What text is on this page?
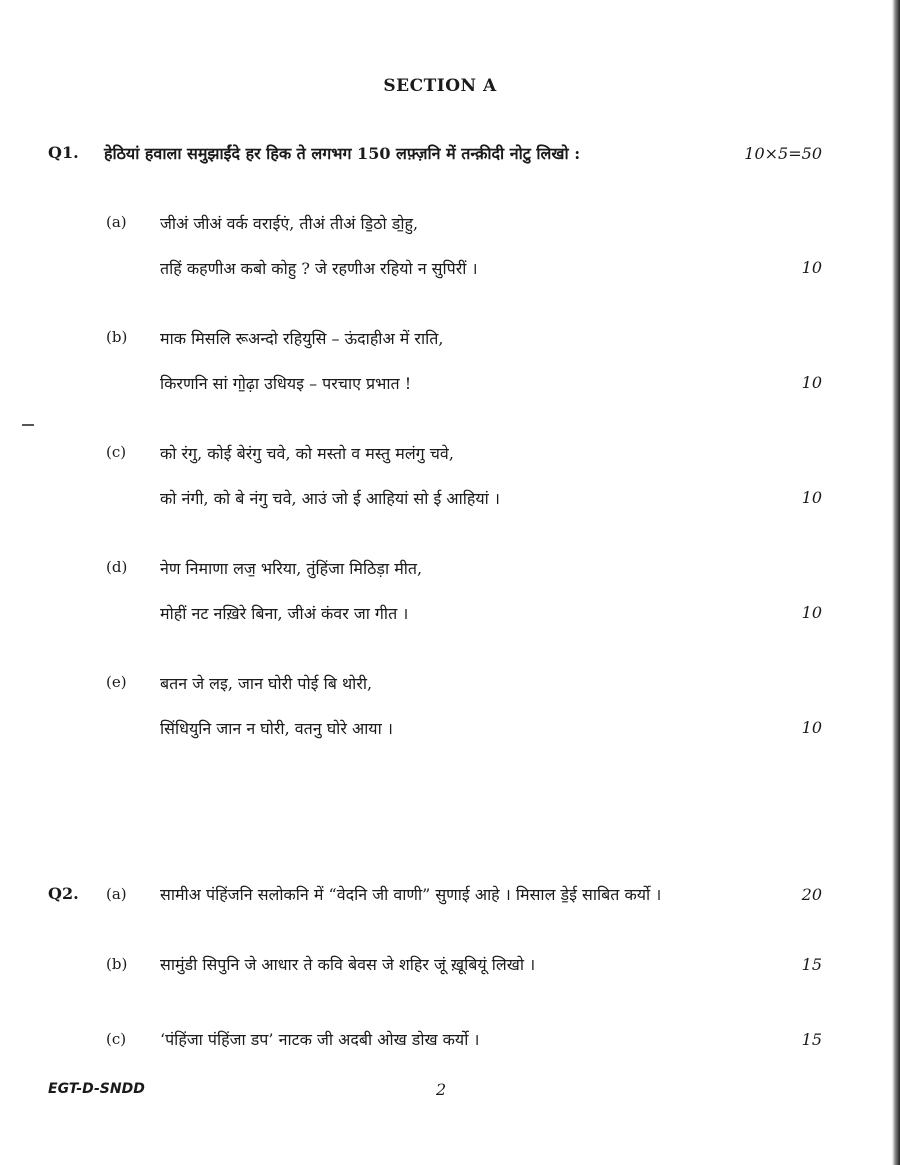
SECTION A
Q1. हेठियां हवाला समुझाईंदे हर हिक ते लगभग 150 लफ़्ज़नि में तन्क़ीदी नोटु लिखो :	10×5=50
(a) जीअं जीअं वर्क वराईएं, तीअं तीअं डि॒ठो डो॒हु,
तहिं कहणीअ कबो कोहु ? जे रहणीअ रहियो न सुपिरीं ।	10
(b) माक मिसलि रूअन्दो रहियुसि – ऊंदाहीअ में राति,
किरणनि सां गो॒ढ़ा उधियइ – परचाए प्रभात !	10
(c) को रंगु, कोई बेरंगु चवे, को मस्तो व मस्तु मलंगु चवे,
को नंगी, को बे नंगु चवे, आउं जो ई आहियां सो ई आहियां ।	10
(d) नेण निमाणा लज॒ भरिया, तुंहिंजा मिठिड़ा मीत,
मोहीं नट नख़िरे बिना, जीअं कंवर जा गीत ।	10
(e) बतन जे लइ, जान घोरी पोई बि थोरी,
सिंधियुनि जान न घोरी, वतनु घोरे आया ।	10
Q2. (a) सामीअ पंहिंजनि सलोकनि में “वेदनि जी वाणी” सुणाई आहे । मिसाल डे॒ई साबित कर्यो ।	20
(b) सामुंडी सिपुनि जे आधार ते कवि बेवस जे शहिर जूं ख़ूबियूं लिखो ।	15
(c) ‘पंहिंजा पंहिंजा डप’ नाटक जी अदबी ओख डोख कर्यो ।	15
EGT-D-SNDD	2
